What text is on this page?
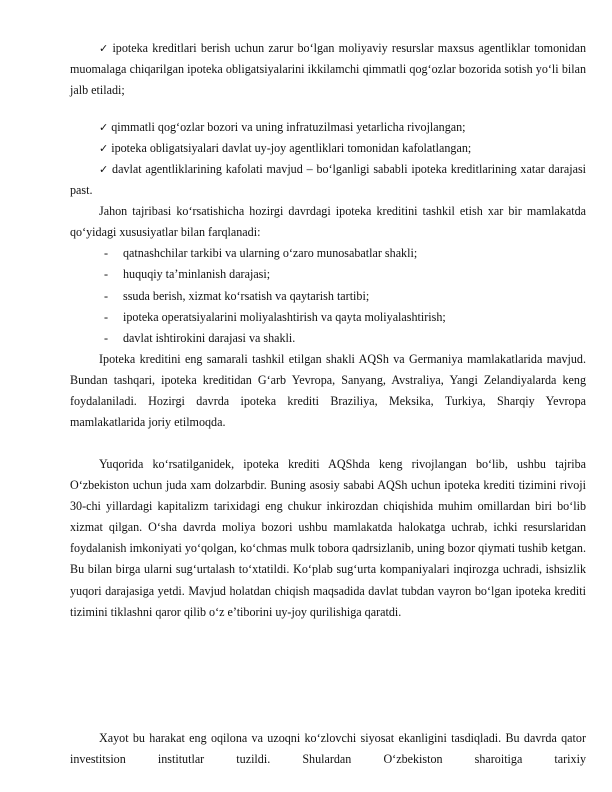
✓ ipoteka kreditlari berish uchun zarur bo‘lgan moliyaviy resurslar maxsus agentliklar tomonidan muomalaga chiqarilgan ipoteka obligatsiyalarini ikkilamchi qimmatli qog‘ozlar bozorida sotish yo‘li bilan jalb etiladi;

✓ qimmatli qog‘ozlar bozori va uning infratuzilmasi yetarlicha rivojlangan;

✓ ipoteka obligatsiyalari davlat uy-joy agentliklari tomonidan kafolatlangan;

✓ davlat agentliklarining kafolati mavjud – bo‘lganligi sababli ipoteka kreditlarining xatar darajasi past.

Jahon tajribasi ko‘rsatishicha hozirgi davrdagi ipoteka kreditini tashkil etish xar bir mamlakatda qo‘yidagi xususiyatlar bilan farqlanadi:

- qatnashchilar tarkibi va ularning o‘zaro munosabatlar shakli;
- huquqiy ta’minlanish darajasi;
- ssuda berish, xizmat ko‘rsatish va qaytarish tartibi;
- ipoteka operatsiyalarini moliyalashtirish va qayta moliyalashtirish;
- davlat ishtirokini darajasi va shakli.

Ipoteka kreditini eng samarali tashkil etilgan shakli AQSh va Germaniya mamlakatlarida mavjud. Bundan tashqari, ipoteka kreditidan G‘arb Yevropa, Sanyang, Avstraliya, Yangi Zelandiyalarda keng foydalaniladi. Hozirgi davrda ipoteka krediti Braziliya, Meksika, Turkiya, Sharqiy Yevropa mamlakatlarida joriy etilmoqda.

Yuqorida ko‘rsatilganidek, ipoteka krediti AQShda keng rivojlangan bo‘lib, ushbu tajriba O‘zbekiston uchun juda xam dolzarbdir. Buning asosiy sababi AQSh uchun ipoteka krediti tizimini rivoji 30-chi yillardagi kapitalizm tarixidagi eng chukur inkirozdan chiqishida muhim omillardan biri bo‘lib xizmat qilgan. O‘sha davrda moliya bozori ushbu mamlakatda halokatga uchrab, ichki resurslaridan foydalanish imkoniyati yo‘qolgan, ko‘chmas mulk tobora qadrsizlanib, uning bozor qiymati tushib ketgan. Bu bilan birga ularni sug‘urtalash to‘xtatildi. Ko‘plab sug‘urta kompaniyalari inqirozga uchradi, ishsizlik yuqori darajasiga yetdi. Mavjud holatdan chiqish maqsadida davlat tubdan vayron bo‘lgan ipoteka krediti tizimini tiklashni qaror qilib o‘z e’tiborini uy-joy qurilishiga qaratdi.

Xayot bu harakat eng oqilona va uzoqni ko‘zlovchi siyosat ekanligini tasdiqladi. Bu davrda qator investitsion institutlar tuzildi. Shulardan O‘zbekiston sharoitiga tarixiy
